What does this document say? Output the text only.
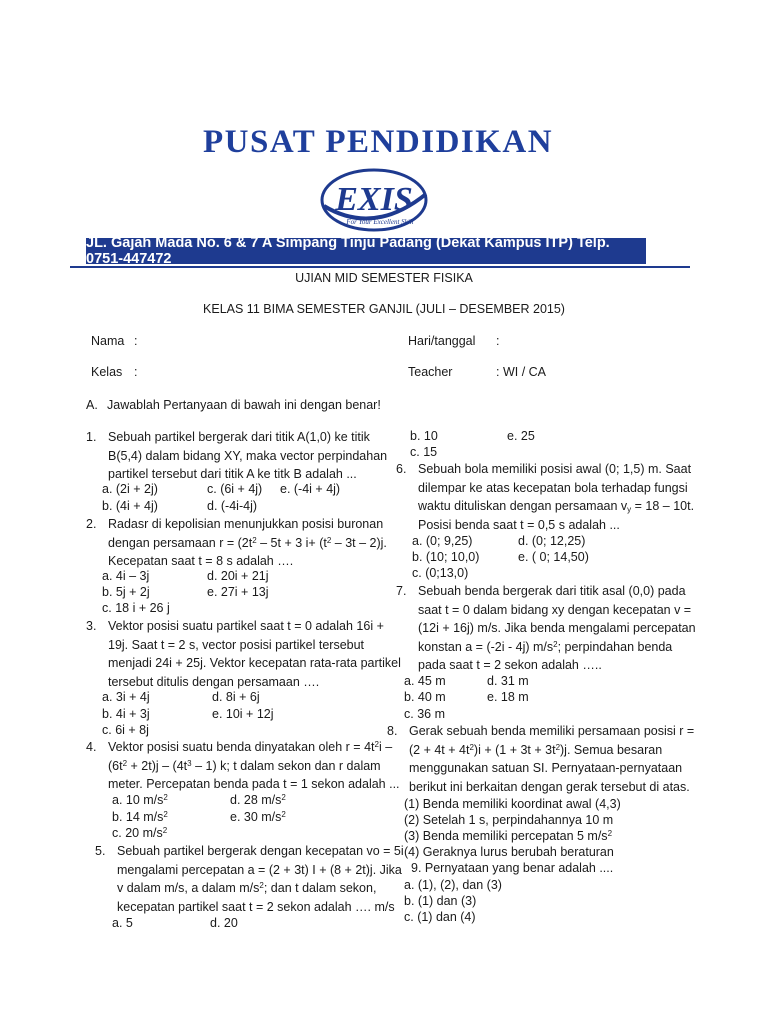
PUSAT PENDIDIKAN
EXIS
For Your Excellent Skill
JL. Gajah Mada No. 6 & 7 A Simpang Tinju Padang (Dekat Kampus ITP) Telp. 0751-447472
UJIAN MID SEMESTER FISIKA
KELAS 11 BIMA SEMESTER GANJIL (JULI – DESEMBER 2015)
Nama :
Kelas :
Hari/tanggal :
Teacher	: WI / CA
A. Jawablah Pertanyaan di bawah ini dengan benar!
1. Sebuah partikel bergerak dari titik A(1,0) ke titik
B(5,4) dalam bidang XY, maka vector perpindahan
partikel tersebut dari titik A ke titk B adalah ...
a. (2i + 2j)	c. (6i + 4j) e. (-4i + 4j)
b. (4i + 4j)	d. (-4i-4j)
2. Radasr di kepolisian menunjukkan posisi buronan
dengan persamaan $r = (2t^2 - 5t + 3$ $i+ (t^2 - 3t - 2)j$.
Kecepatan saat t = 8 s adalah ….
a. 4i – 3j	d. 20i + 21j
b. 5j + 2j	e. 27i + 13j
c. 18 i + 26 j
3. Vektor posisi suatu partikel saat t = 0 adalah 16i +
19j. Saat t = 2 s, vector posisi partikel tersebut
menjadi 24i + 25j. Vektor kecepatan rata-rata partikel
tersebut ditulis dengan persamaan ….
a. 3i + 4j	d. 8i + 6j
b. 4i + 3j	e. 10i + 12j
c. 6i + 8j
4. Vektor posisi suatu benda dinyatakan oleh $r = 4t^2i$ –
$(6t^2 + 2t)j - (4t^3 - 1)$ k; t dalam sekon dan r dalam
meter. Percepatan benda pada t = 1 sekon adalah ...
a. 10 $m/s^2$	d. 28 $m/s^2$
b. 14 $m/s^2$	e. 30 $m/s^2$
c. 20 $m/s^2$
5. Sebuah partikel bergerak dengan kecepatan vo = 5i
mengalami percepatan a = (2 + 3t) I + (8 + 2t)j. Jika
v dalam m/s, a dalam $m/s^2$; dan t dalam sekon,
kecepatan partikel saat t = 2 sekon adalah …. m/s
a. 5	d. 20
b. 10	e. 25
c. 15
6. Sebuah bola memiliki posisi awal (0; 1,5) m. Saat
dilempar ke atas kecepatan bola terhadap fungsi
waktu dituliskan dengan persamaan $v_y = 18 - 10t$.
Posisi benda saat t = 0,5 s adalah ...
a. (0; 9,25)	d. (0; 12,25)
b. (10; 10,0)	e. ( 0; 14,50)
c. (0;13,0)
7. Sebuah benda bergerak dari titik asal (0,0) pada
saat t = 0 dalam bidang xy dengan kecepatan v =
(12i + 16j) m/s. Jika benda mengalami percepatan
konstan a = (-2i - 4j) $m/s^2$; perpindahan benda
pada saat t = 2 sekon adalah …..
a. 45 m	d. 31 m
b. 40 m	e. 18 m
c. 36 m
8. Gerak sebuah benda memiliki persamaan posisi r =
$(2 + 4t + 4t^2)i + (1 + 3t + 3t^2)j$. Semua besaran
menggunakan satuan SI. Pernyataan-pernyataan
berikut ini berkaitan dengan gerak tersebut di atas.
(1) Benda memiliki koordinat awal (4,3)
(2) Setelah 1 s, perpindahannya 10 m
(3) Benda memiliki percepatan 5 $m/s^2$
(4) Geraknya lurus berubah beraturan
9. Pernyataan yang benar adalah ....
a. (1), (2), dan (3)
b. (1) dan (3)
c. (1) dan (4)
